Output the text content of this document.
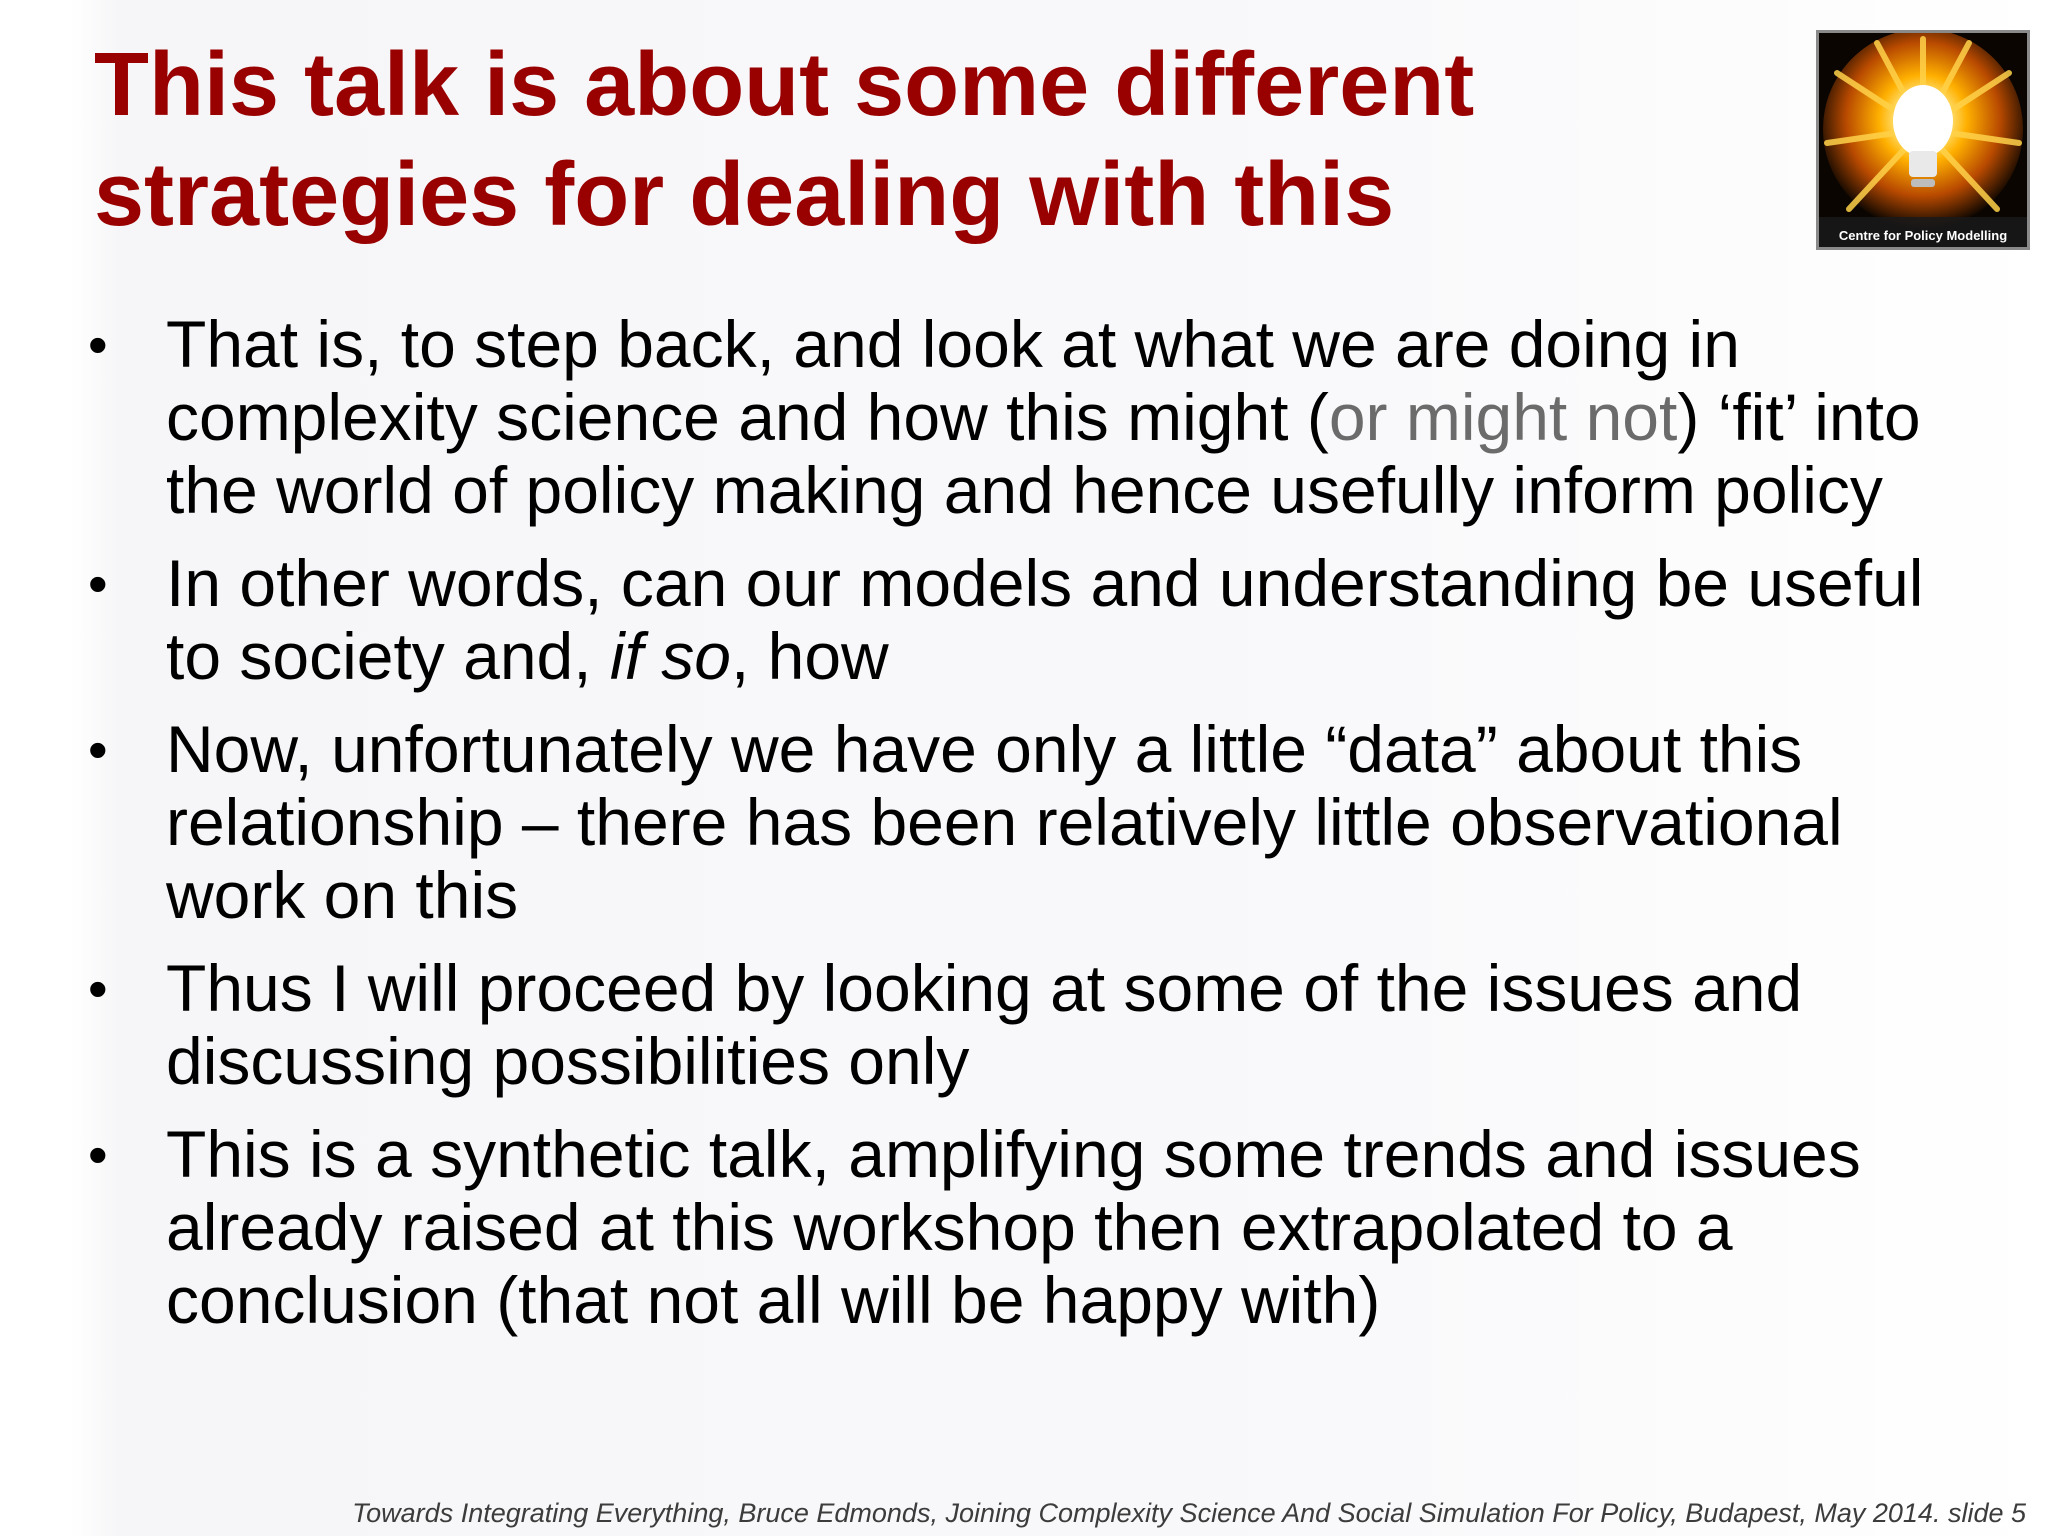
This talk is about some different
strategies for dealing with this	Centre for Policy Modelling
• That is, to step back, and look at what we are doing in complexity science and how this might (or might not) ‘fit’ into the world of policy making and hence usefully inform policy
• In other words, can our models and understanding be useful to society and, if so, how
• Now, unfortunately we have only a little “data” about this relationship – there has been relatively little observational work on this
• Thus I will proceed by looking at some of the issues and discussing possibilities only
• This is a synthetic talk, amplifying some trends and issues already raised at this workshop then extrapolated to a conclusion (that not all will be happy with)
Towards Integrating Everything, Bruce Edmonds, Joining Complexity Science And Social Simulation For Policy, Budapest, May 2014. slide 5
